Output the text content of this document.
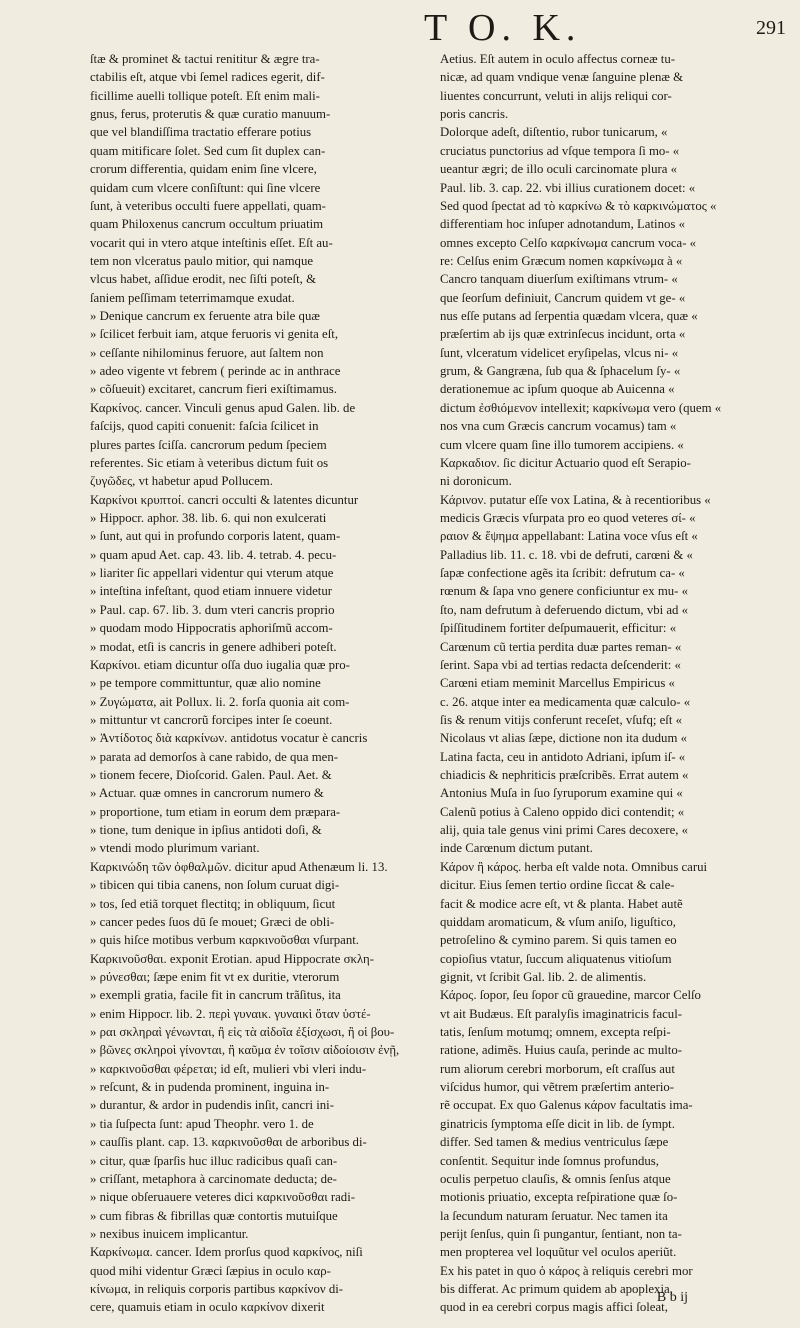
T O. K.	291
ſtæ & prominet & tactui renititur & ægre tra-
ctabilis eſt, atque vbi ſemel radices egerit, dif-
ficillime auelli tollique poteſt. Eſt enim mali-
gnus, ferus, proterutis & quæ curatio manuum-
que vel blandiſſima tractatio efferare potius
quam mitificare ſolet. Sed cum ſit duplex can-
crorum differentia, quidam enim ſine vlcere,
quidam cum vlcere conſiſtunt: qui ſine vlcere
ſunt, à veteribus occulti fuere appellati, quam-
quam Philoxenus cancrum occultum priuatim
vocarit qui in vtero atque inteſtinis eſſet. Eſt au-
tem non vlceratus paulo mitior, qui namque
vlcus habet, aſſidue erodit, nec ſiſti poteſt, &
ſaniem peſſimam teterrimamque exudat.
» Denique cancrum ex feruente atra bile quæ
» ſcilicet ferbuit iam, atque feruoris vi genita eſt,
» ceſſante nihilominus feruore, aut ſaltem non
» adeo vigente vt febrem ( perinde ac in anthrace
» cõſueuit) excitaret, cancrum fieri exiſtimamus.
Καρκίνος. cancer. Vinculi genus apud Galen. lib. de
faſcijs, quod capiti conuenit: faſcia ſcilicet in
plures partes ſciſſa. cancrorum pedum ſpeciem
referentes. Sic etiam à veteribus dictum fuit os
ζυγῶδες, vt habetur apud Pollucem.
Καρκίνοι κρυπτοί. cancri occulti & latentes dicuntur
» Hippocr. aphor. 38. lib. 6. qui non exulcerati
» ſunt, aut qui in profundo corporis latent, quam-
» quam apud Aet. cap. 43. lib. 4. tetrab. 4. pecu-
» liariter ſic appellari videntur qui vterum atque
» inteſtina infeſtant, quod etiam innuere videtur
» Paul. cap. 67. lib. 3. dum vteri cancris proprio
» quodam modo Hippocratis aphoriſmũ accom-
» modat, etſi is cancris in genere adhiberi poteſt.
Καρκίνοι. etiam dicuntur oſſa duo iugalia quæ pro-
» pe tempore committuntur, quæ alio nomine
» Ζυγώματα, ait Pollux. li. 2. forſa quonia ait com-
» mittuntur vt cancrorũ forcipes inter ſe coeunt.
» Ἀντίδοτος διὰ καρκίνων. antidotus vocatur è cancris
» parata ad demorſos à cane rabido, de qua men-
» tionem fecere, Dioſcorid. Galen. Paul. Aet. &
» Actuar. quæ omnes in cancrorum numero &
» proportione, tum etiam in eorum dem præpara-
» tione, tum denique in ipſius antidoti doſi, &
» vtendi modo plurimum variant.
Καρκινώδη τῶν ὀφθαλμῶν. dicitur apud Athenæum li. 13.
» tibicen qui tibia canens, non ſolum curuat digi-
» tos, ſed etiã torquet flectitq; in obliquum, ſicut
» cancer pedes ſuos dū ſe mouet; Græci de obli-
» quis hiſce motibus verbum καρκινοῦσθαι vſurpant.
Καρκινοῦσθαι. exponit Erotian. apud Hippocrate σκλη-
» ρύνεσθαι; ſæpe enim fit vt ex duritie, vterorum
» exempli gratia, facile fit in cancrum trãſitus, ita
» enim Hippocr. lib. 2. περὶ γυναικ. γυναικὶ ὅταν ὑστέ-
» ραι σκληραὶ γένωνται, ἢ εἰς τὰ αἰδοῖα ἐξίσχωσι, ἢ οἱ βου-
» βῶνες σκληροὶ γίνονται, ἢ καῦμα ἐν τοῖσιν αἰδοίοισιν ἐνῇ,
» καρκινοῦσθαι φέρεται; id eſt, mulieri vbi vleri indu-
» reſcunt, & in pudenda prominent, inguina in-
» durantur, & ardor in pudendis inſit, cancri ini-
» tia ſuſpecta ſunt: apud Theophr. vero 1. de
» cauſſis plant. cap. 13. καρκινοῦσθαι de arboribus di-
» citur, quæ ſparſis huc illuc radicibus quaſi can-
» criſſant, metaphora à carcinomate deducta; de-
» nique obſeruauere veteres dici καρκινοῦσθαι radi-
» cum fibras & fibrillas quæ contortis mutuiſque
» nexibus inuicem implicantur.
Καρκίνωμα. cancer. Idem prorſus quod καρκίνος, niſi
quod mihi videntur Græci ſæpius in oculo καρ-
κίνωμα, in reliquis corporis partibus καρκίνον di-
cere, quamuis etiam in oculo καρκίνον dixerit
Aetius. Eſt autem in oculo affectus corneæ tu-
nicæ, ad quam vndique venæ ſanguine plenæ &
liuentes concurrunt, veluti in alijs reliqui cor-
poris cancris.
Dolorque adeſt, diſtentio, rubor tunicarum, «
cruciatus punctorius ad vſque tempora ſi mo- «
ueantur ægri; de illo oculi carcinomate plura «
Paul. lib. 3. cap. 22. vbi illius curationem docet: «
Sed quod ſpectat ad τὸ καρκίνω & τὸ καρκινώματος «
differentiam hoc inſuper adnotandum, Latinos «
omnes excepto Celſo καρκίνωμα cancrum voca- «
re: Celſus enim Græcum nomen καρκίνωμα à «
Cancro tanquam diuerſum exiſtimans vtrum- «
que ſeorſum definiuit, Cancrum quidem vt ge- «
nus eſſe putans ad ſerpentia quædam vlcera, quæ «
præſertim ab ijs quæ extrinſecus incidunt, orta «
ſunt, vlceratum videlicet eryſipelas, vlcus ni- «
grum, & Gangræna, ſub qua & ſphacelum ſy- «
derationemue ac ipſum quoque ab Auicenna «
dictum ἐσθιόμενον intellexit; καρκίνωμα vero (quem «
nos vna cum Græcis cancrum vocamus) tam «
cum vlcere quam ſine illo tumorem accipiens. «
Καρκαδιον. ſic dicitur Actuario quod eſt Serapio-
ni doronicum.
Κάρινον. putatur eſſe vox Latina, & à recentioribus «
medicis Græcis vſurpata pro eo quod veteres σί- «
ραιον & ἕψημα appellabant: Latina voce vſus eſt «
Palladius lib. 11. c. 18. vbi de defruti, carœni & «
ſapæ confectione agẽs ita ſcribit: defrutum ca- «
rœnum & ſapa vno genere conficiuntur ex mu- «
ſto, nam defrutum à deferuendo dictum, vbi ad «
ſpiſſitudinem fortiter deſpumauerit, efficitur: «
Carœnum cũ tertia perdita duæ partes reman- «
ſerint. Sapa vbi ad tertias redacta deſcenderit: «
Carœni etiam meminit Marcellus Empiricus «
c. 26. atque inter ea medicamenta quæ calculo- «
ſis & renum vitijs conferunt receſet, vſufq; eſt «
Nicolaus vt alias ſæpe, dictione non ita dudum «
Latina facta, ceu in antidoto Adriani, ipſum iſ- «
chiadicis & nephriticis præſcribẽs. Errat autem «
Antonius Muſa in ſuo ſyruporum examine qui «
Calenũ potius à Caleno oppido dici contendit; «
alij, quia tale genus vini primi Cares decoxere, «
inde Carœnum dictum putant.
Κάρον ἢ κάρος. herba eſt valde nota. Omnibus carui
dicitur. Eius ſemen tertio ordine ſiccat & cale-
facit & modice acre eſt, vt & planta. Habet autẽ
quiddam aromaticum, & vſum aniſo, liguſtico,
petroſelino & cymino parem. Si quis tamen eo
copioſius vtatur, ſuccum aliquatenus vitioſum
gignit, vt ſcribit Gal. lib. 2. de alimentis.
Κάρος. ſopor, ſeu ſopor cũ grauedine, marcor Celſo
vt ait Budæus. Eſt paralyſis imaginatricis facul-
tatis, ſenſum motumq; omnem, excepta reſpi-
ratione, adimẽs. Huius cauſa, perinde ac multo-
rum aliorum cerebri morborum, eſt craſſus aut
viſcidus humor, qui vẽtrem præſertim anterio-
rẽ occupat. Ex quo Galenus κάρον facultatis ima-
ginatricis ſymptoma eſſe dicit in lib. de ſympt.
differ. Sed tamen & medius ventriculus ſæpe
conſentit. Sequitur inde ſomnus profundus,
oculis perpetuo clauſis, & omnis ſenſus atque
motionis priuatio, excepta reſpiratione quæ ſo-
la ſecundum naturam ſeruatur. Nec tamen ita
perijt ſenſus, quin ſi pungantur, ſentiant, non ta-
men propterea vel loquũtur vel oculos aperiũt.
Ex his patet in quo ὁ κάρος à reliquis cerebri mor
bis differat. Ac primum quidem ab apoplexia,
quod in ea cerebri corpus magis affici ſoleat,
B b ij
